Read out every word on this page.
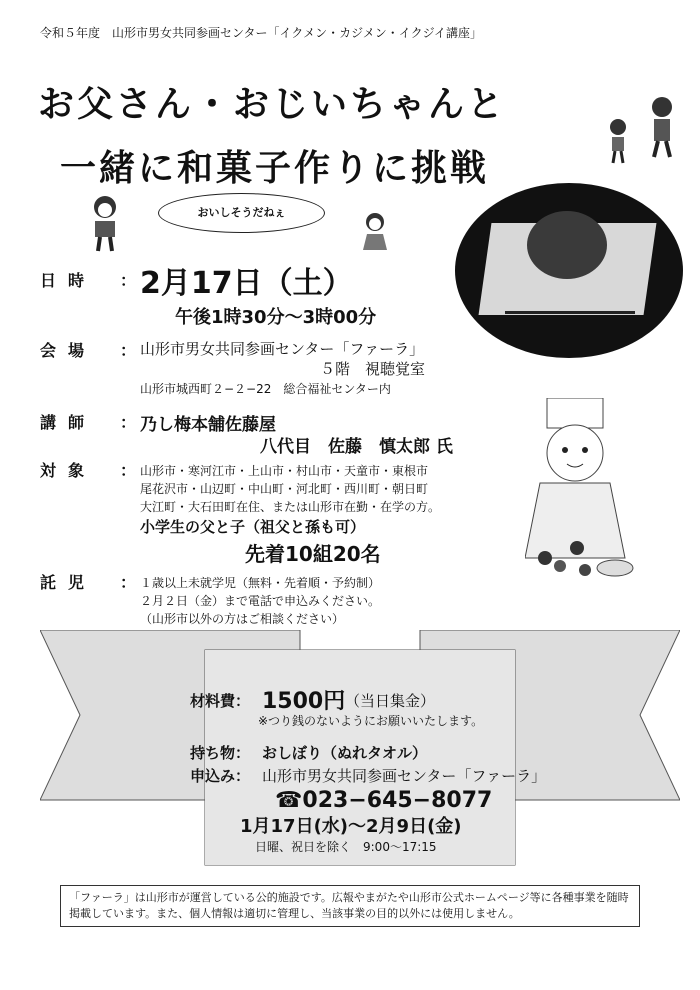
令和５年度　山形市男女共同参画センター「イクメン・カジメン・イクジイ講座」
お父さん・おじいちゃんと
一緒に和菓子作りに挑戦
おいしそうだねぇ
日時 ： 2月17日（土）
午後1時30分〜3時00分
会場 ： 山形市男女共同参画センター「ファーラ」
５階　視聴覚室
山形市城西町２−２−22　総合福祉センター内
講師 ： 乃し梅本舗佐藤屋
八代目　佐藤　慎太郎 氏
対象 ： 山形市・寒河江市・上山市・村山市・天童市・東根市
尾花沢市・山辺町・中山町・河北町・西川町・朝日町
大江町・大石田町在住、または山形市在勤・在学の方。
小学生の父と子（祖父と孫も可）
先着10組20名
託児 ： １歳以上未就学児（無料・先着順・予約制）
２月２日（金）まで電話で申込みください。
（山形市以外の方はご相談ください）
材料費： 1500円 （当日集金）
※つり銭のないようにお願いいたします。
持ち物： おしぼり（ぬれタオル）
申込み： 山形市男女共同参画センター「ファーラ」
☎023−645−8077
1月17日(水)〜2月9日(金)
日曜、祝日を除く　9:00〜17:15
「ファーラ」は山形市が運営している公的施設です。広報やまがたや山形市公式ホームページ等に各種事業を随時掲載しています。また、個人情報は適切に管理し、当該事業の目的以外には使用しません。
